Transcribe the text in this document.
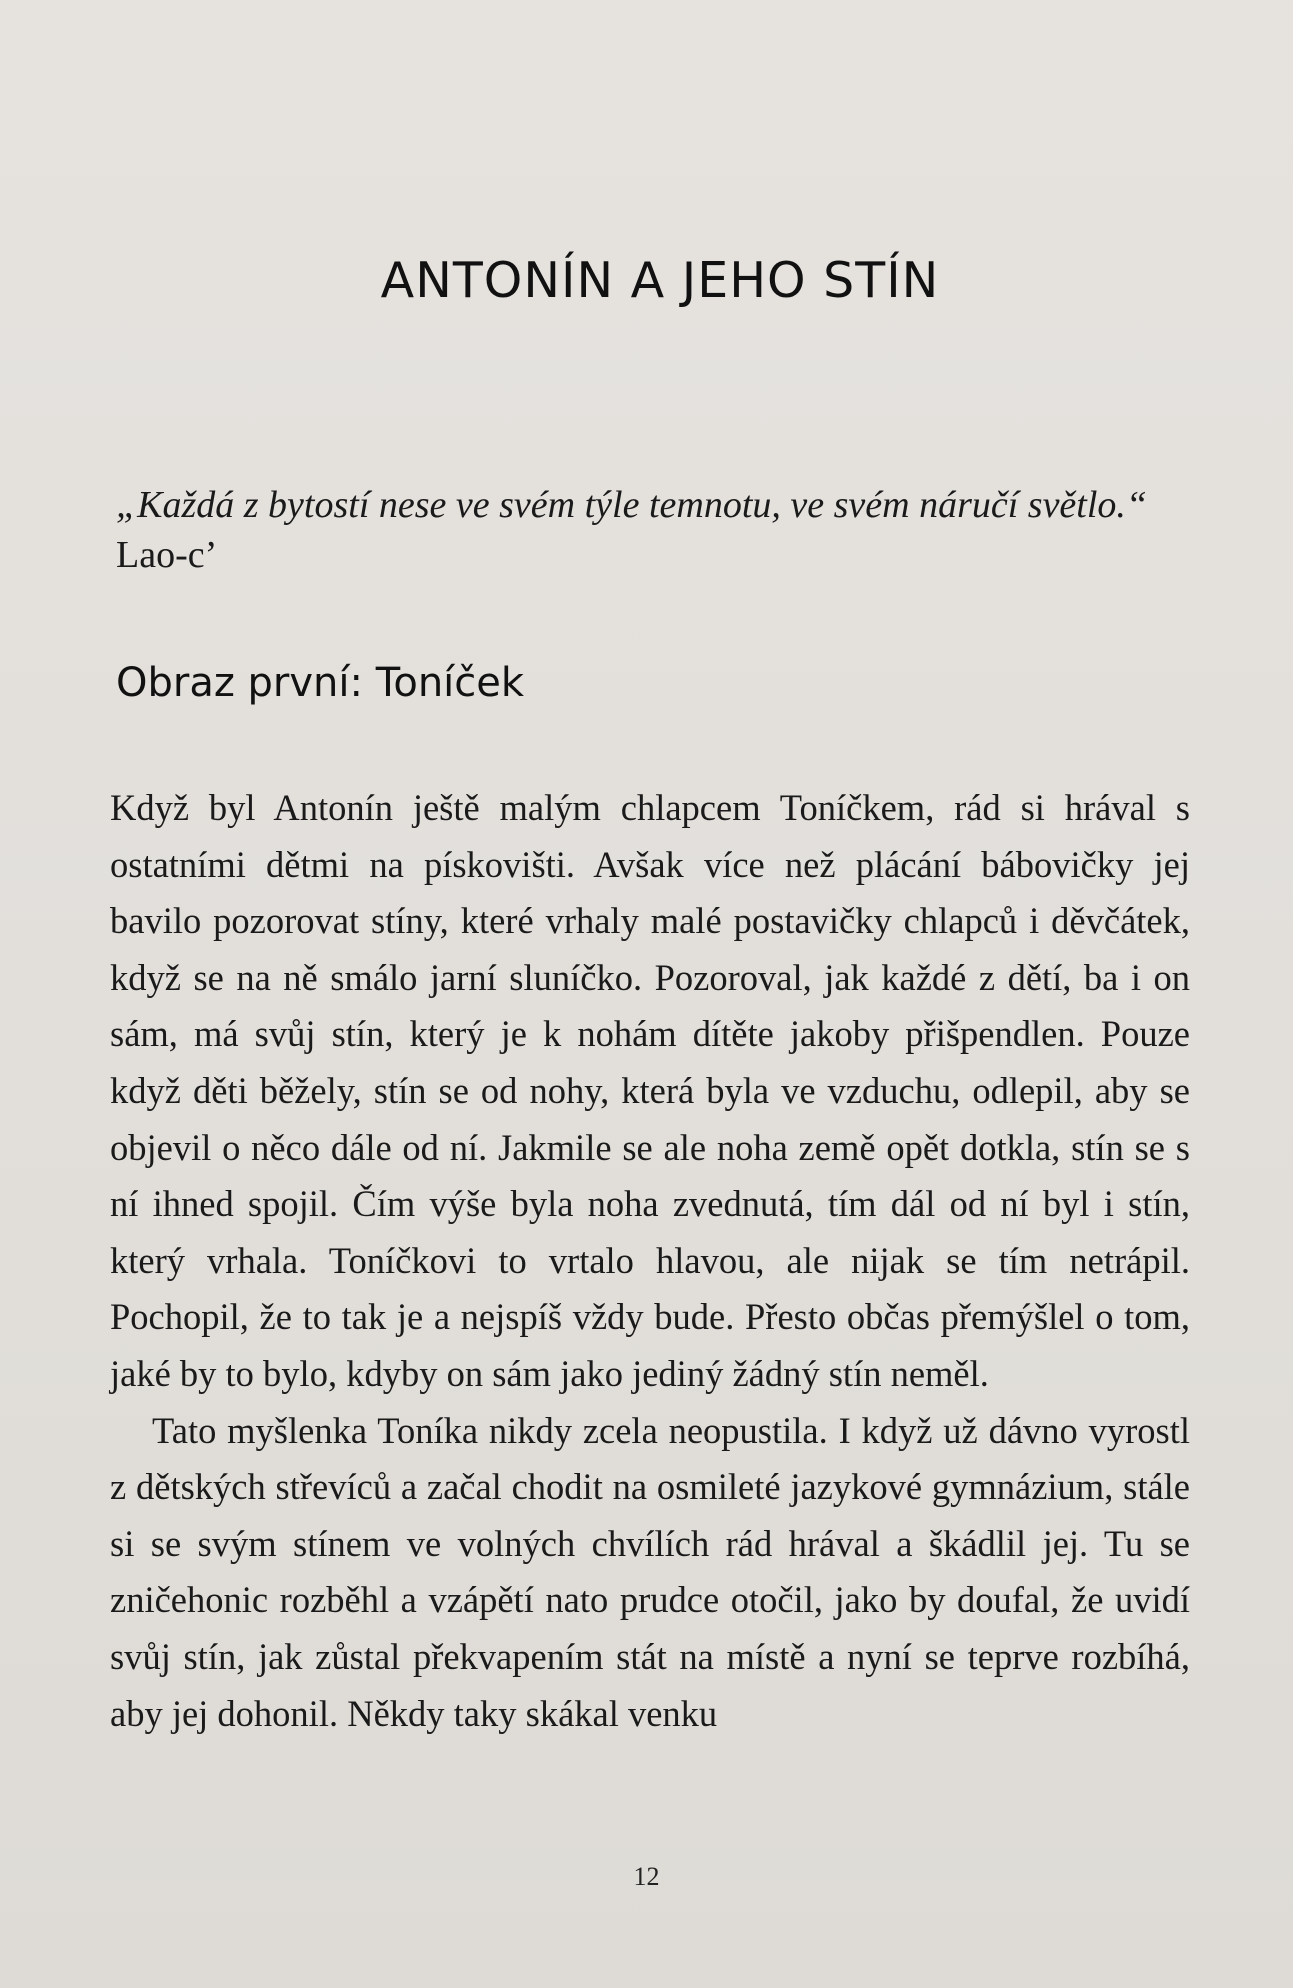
ANTONÍN A JEHO STÍN

„Každá z bytostí nese ve svém týle temnotu, ve svém náručí světlo.“

Lao-c’

Obraz první: Toníček

Když byl Antonín ještě malým chlapcem Toníčkem, rád si hrával s ostatními dětmi na pískovišti. Avšak více než plácání bábovičky jej bavilo pozorovat stíny, které vrhaly malé postavičky chlapců i děvčátek, když se na ně smálo jarní sluníčko. Pozoroval, jak každé z dětí, ba i on sám, má svůj stín, který je k nohám dítěte jakoby přišpendlen. Pouze když děti běžely, stín se od nohy, která byla ve vzduchu, odlepil, aby se objevil o něco dále od ní. Jakmile se ale noha země opět dotkla, stín se s ní ihned spojil. Čím výše byla noha zvednutá, tím dál od ní byl i stín, který vrhala. Toníčkovi to vrtalo hlavou, ale nijak se tím netrápil. Pochopil, že to tak je a nejspíš vždy bude. Přesto občas přemýšlel o tom, jaké by to bylo, kdyby on sám jako jediný žádný stín neměl.

Tato myšlenka Toníka nikdy zcela neopustila. I když už dávno vyrostl z dětských střevíců a začal chodit na osmileté jazykové gymnázium, stále si se svým stínem ve volných chvílích rád hrával a škádlil jej. Tu se zničehonic rozběhl a vzápětí nato prudce otočil, jako by doufal, že uvidí svůj stín, jak zůstal překvapením stát na místě a nyní se teprve rozbíhá, aby jej dohonil. Někdy taky skákal venku

12
